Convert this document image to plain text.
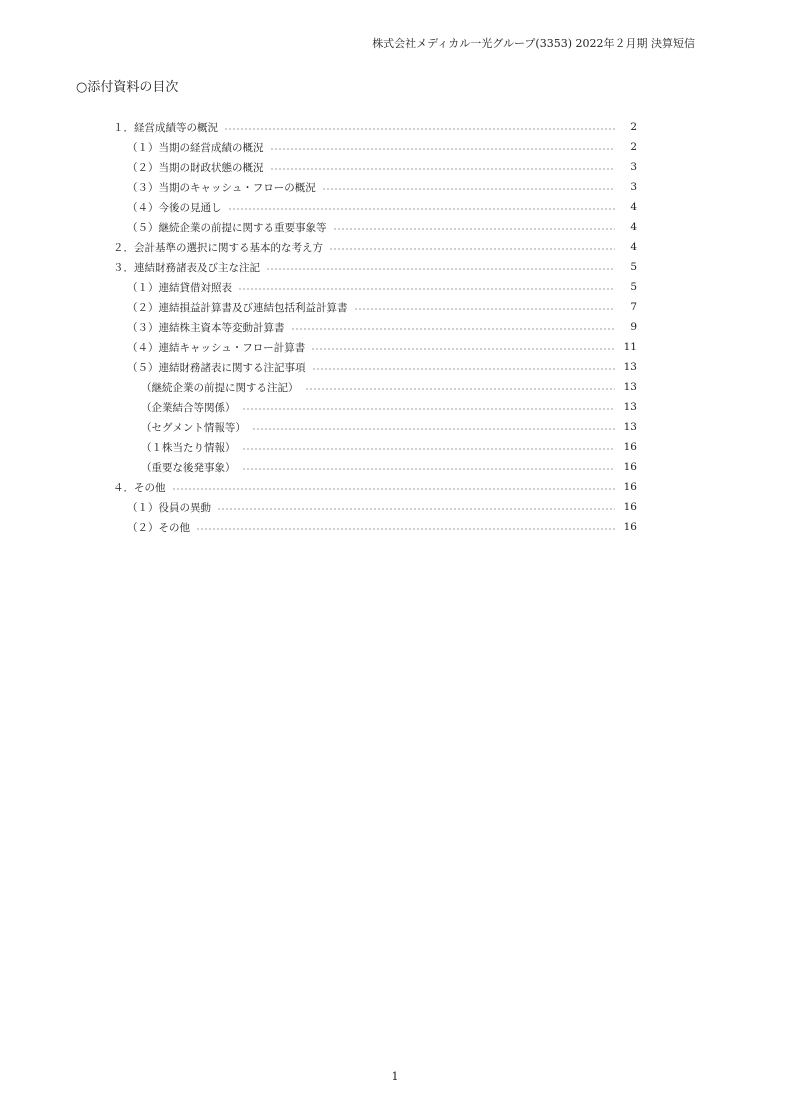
株式会社メディカル一光グループ(3353) 2022年２月期 決算短信
○添付資料の目次
１．経営成績等の概況	2
（１）当期の経営成績の概況	2
（２）当期の財政状態の概況	3
（３）当期のキャッシュ・フローの概況	3
（４）今後の見通し	4
（５）継続企業の前提に関する重要事象等	4
２．会計基準の選択に関する基本的な考え方	4
３．連結財務諸表及び主な注記	5
（１）連結貸借対照表	5
（２）連結損益計算書及び連結包括利益計算書	7
（３）連結株主資本等変動計算書	9
（４）連結キャッシュ・フロー計算書	11
（５）連結財務諸表に関する注記事項	13
（継続企業の前提に関する注記）	13
（企業結合等関係）	13
（セグメント情報等）	13
（１株当たり情報）	16
（重要な後発事象）	16
４．その他	16
（１）役員の異動	16
（２）その他	16
1
